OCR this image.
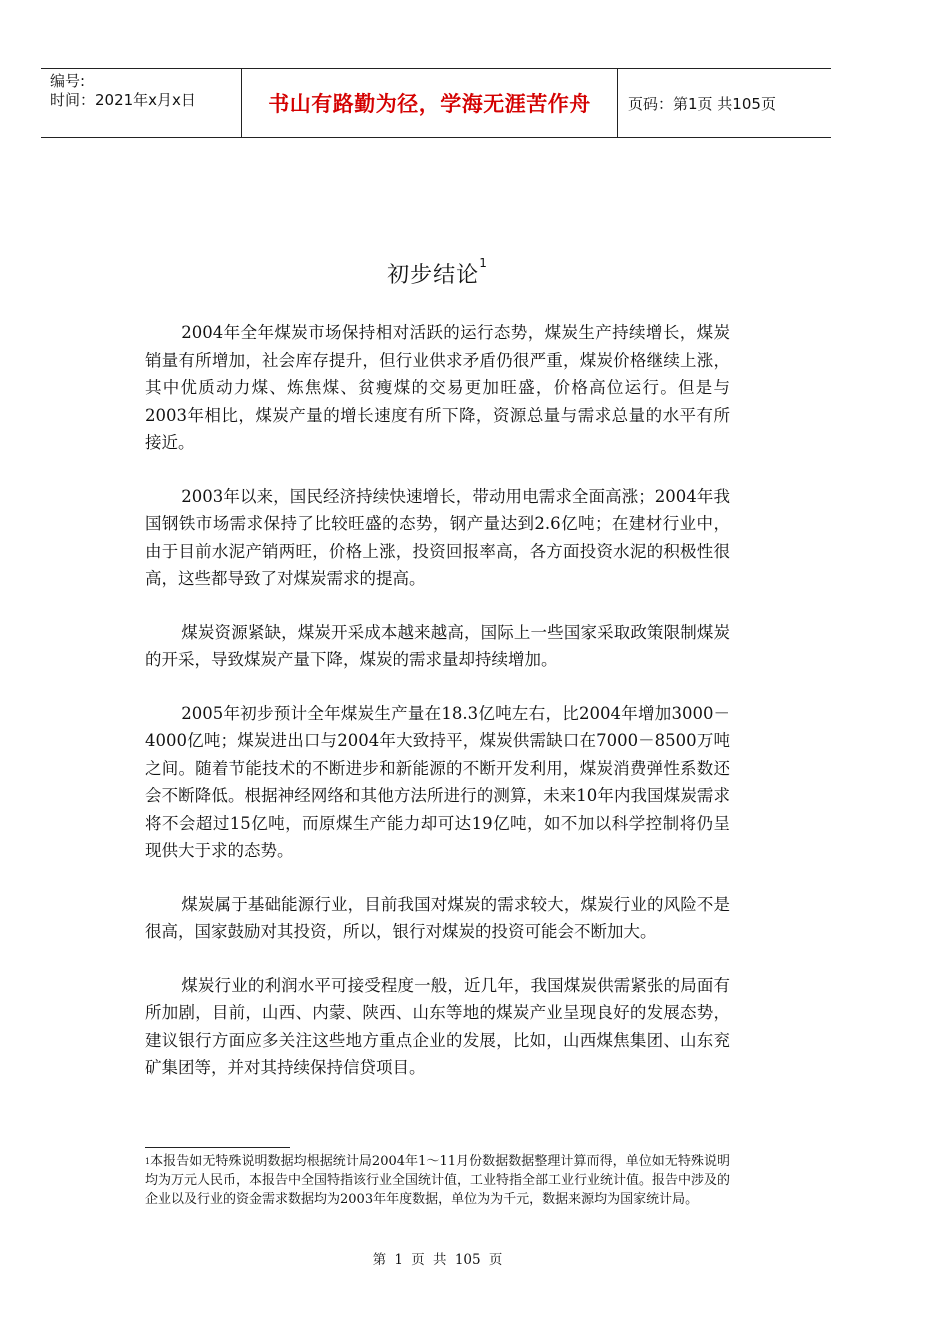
编号:
时间：2021年x月x日	书山有路勤为径，学海无涯苦作舟	页码：第1页 共105页
初步结论$^1$

2004年全年煤炭市场保持相对活跃的运行态势，煤炭生产持续增长，煤炭销量有所增加，社会库存提升，但行业供求矛盾仍很严重，煤炭价格继续上涨，其中优质动力煤、炼焦煤、贫瘦煤的交易更加旺盛，价格高位运行。但是与2003年相比，煤炭产量的增长速度有所下降，资源总量与需求总量的水平有所接近。

2003年以来，国民经济持续快速增长，带动用电需求全面高涨；2004年我国钢铁市场需求保持了比较旺盛的态势，钢产量达到2.6亿吨；在建材行业中，由于目前水泥产销两旺，价格上涨，投资回报率高，各方面投资水泥的积极性很高，这些都导致了对煤炭需求的提高。

煤炭资源紧缺，煤炭开采成本越来越高，国际上一些国家采取政策限制煤炭的开采，导致煤炭产量下降，煤炭的需求量却持续增加。

2005年初步预计全年煤炭生产量在18.3亿吨左右，比2004年增加3000－4000亿吨；煤炭进出口与2004年大致持平，煤炭供需缺口在7000－8500万吨之间。随着节能技术的不断进步和新能源的不断开发利用，煤炭消费弹性系数还会不断降低。根据神经网络和其他方法所进行的测算，未来10年内我国煤炭需求将不会超过15亿吨，而原煤生产能力却可达19亿吨，如不加以科学控制将仍呈现供大于求的态势。

煤炭属于基础能源行业，目前我国对煤炭的需求较大，煤炭行业的风险不是很高，国家鼓励对其投资，所以，银行对煤炭的投资可能会不断加大。

煤炭行业的利润水平可接受程度一般，近几年，我国煤炭供需紧张的局面有所加剧，目前，山西、内蒙、陕西、山东等地的煤炭产业呈现良好的发展态势，建议银行方面应多关注这些地方重点企业的发展，比如，山西煤焦集团、山东兖矿集团等，并对其持续保持信贷项目。

$^1$本报告如无特殊说明数据均根据统计局2004年1～11月份数据数据整理计算而得，单位如无特殊说明均为万元人民币，本报告中全国特指该行业全国统计值，工业特指全部工业行业统计值。报告中涉及的企业以及行业的资金需求数据均为2003年年度数据，单位为为千元，数据来源均为国家统计局。
第 1 页 共 105 页
